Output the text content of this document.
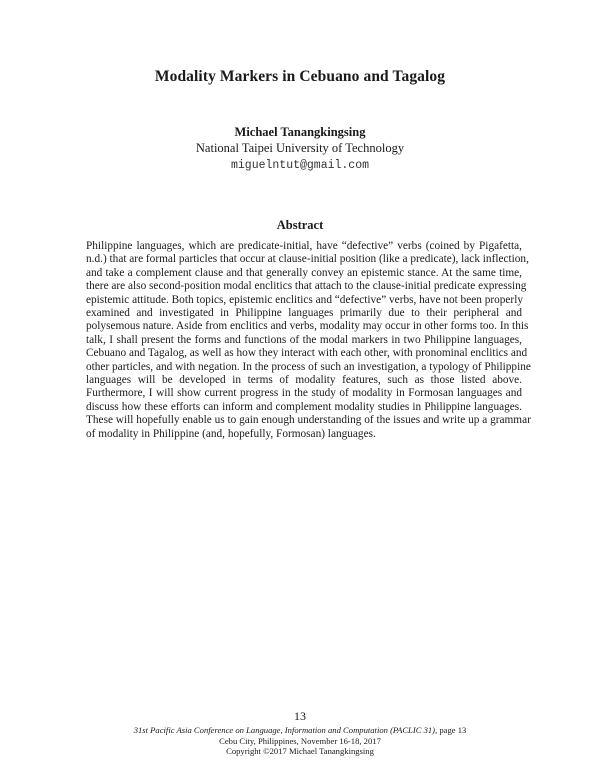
Modality Markers in Cebuano and Tagalog
Michael Tanangkingsing
National Taipei University of Technology
miguelntut@gmail.com
Abstract
Philippine languages, which are predicate-initial, have “defective” verbs (coined by Pigafetta,
n.d.) that are formal particles that occur at clause-initial position (like a predicate), lack inflection,
and take a complement clause and that generally convey an epistemic stance. At the same time,
there are also second-position modal enclitics that attach to the clause-initial predicate expressing
epistemic attitude. Both topics, epistemic enclitics and “defective” verbs, have not been properly
examined and investigated in Philippine languages primarily due to their peripheral and
polysemous nature. Aside from enclitics and verbs, modality may occur in other forms too. In this
talk, I shall present the forms and functions of the modal markers in two Philippine languages,
Cebuano and Tagalog, as well as how they interact with each other, with pronominal enclitics and
other particles, and with negation. In the process of such an investigation, a typology of Philippine
languages will be developed in terms of modality features, such as those listed above.
Furthermore, I will show current progress in the study of modality in Formosan languages and
discuss how these efforts can inform and complement modality studies in Philippine languages.
These will hopefully enable us to gain enough understanding of the issues and write up a grammar
of modality in Philippine (and, hopefully, Formosan) languages.
13
31st Pacific Asia Conference on Language, Information and Computation (PACLIC 31), page 13
Cebu City, Philippines, November 16-18, 2017
Copyright ©2017 Michael Tanangkingsing
